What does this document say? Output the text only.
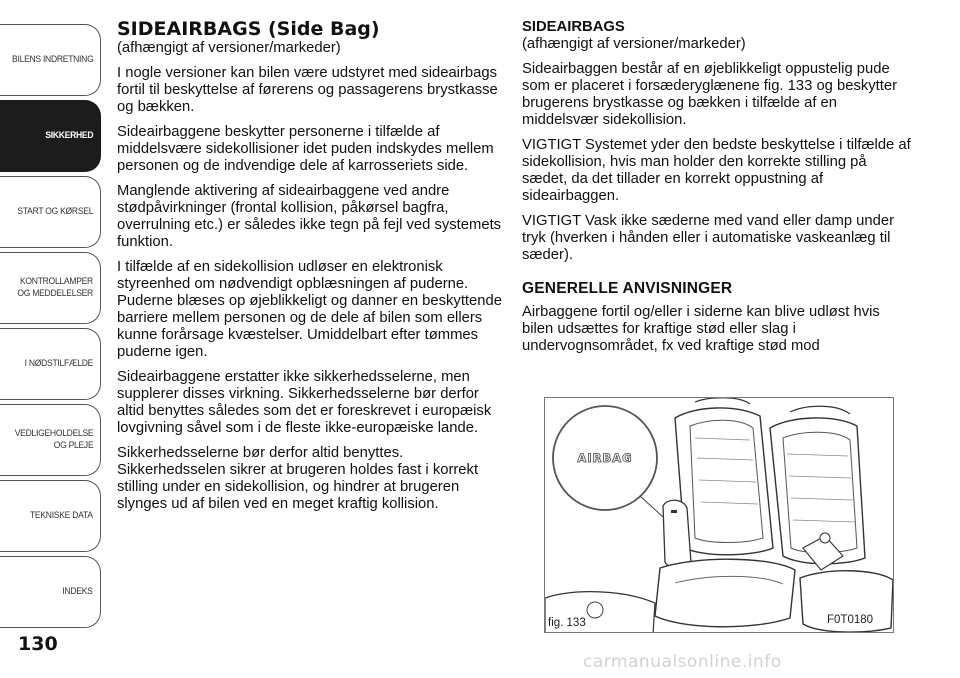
BILENS INDRETNING
SIKKERHED
START OG KØRSEL
KONTROLLAMPER
OG MEDDELELSER
I NØDSTILFÆLDE
VEDLIGEHOLDELSE
OG PLEJE
TEKNISKE DATA
INDEKS
130
SIDEAIRBAGS (Side Bag)

(afhængigt af versioner/markeder)

I nogle versioner kan bilen være udstyret med sideairbags fortil til beskyttelse af førerens og passagerens brystkasse og bækken.

Sideairbaggene beskytter personerne i tilfælde af middelsvære sidekollisioner idet puden indskydes mellem personen og de indvendige dele af karrosseriets side.

Manglende aktivering af sideairbaggene ved andre stødpåvirkninger (frontal kollision, påkørsel bagfra, overrulning etc.) er således ikke tegn på fejl ved systemets funktion.

I tilfælde af en sidekollision udløser en elektronisk styreenhed om nødvendigt opblæsningen af puderne. Puderne blæses op øjeblikkeligt og danner en beskyttende barriere mellem personen og de dele af bilen som ellers kunne forårsage kvæstelser. Umiddelbart efter tømmes puderne igen.

Sideairbaggene erstatter ikke sikkerhedsselerne, men supplerer disses virkning. Sikkerhedsselerne bør derfor altid benyttes således som det er foreskrevet i europæisk lovgivning såvel som i de fleste ikke-europæiske lande.

Sikkerhedsselerne bør derfor altid benyttes. Sikkerhedsselen sikrer at brugeren holdes fast i korrekt stilling under en sidekollision, og hindrer at brugeren slynges ud af bilen ved en meget kraftig kollision.

SIDEAIRBAGS

(afhængigt af versioner/markeder)

Sideairbaggen består af en øjeblikkeligt oppustelig pude som er placeret i forsæderyglænene fig. 133 og beskytter brugerens brystkasse og bækken i tilfælde af en middelsvær sidekollision.

VIGTIGT Systemet yder den bedste beskyttelse i tilfælde af sidekollision, hvis man holder den korrekte stilling på sædet, da det tillader en korrekt oppustning af sideairbaggen.

VIGTIGT Vask ikke sæderne med vand eller damp under tryk (hverken i hånden eller i automatiske vaskeanlæg til sæder).

GENERELLE ANVISNINGER

Airbaggene fortil og/eller i siderne kan blive udløst hvis bilen udsættes for kraftige stød eller slag i undervognsområdet, fx ved kraftige stød mod

AIRBAG
fig. 133	F0T0180
carmanualsonline.info
